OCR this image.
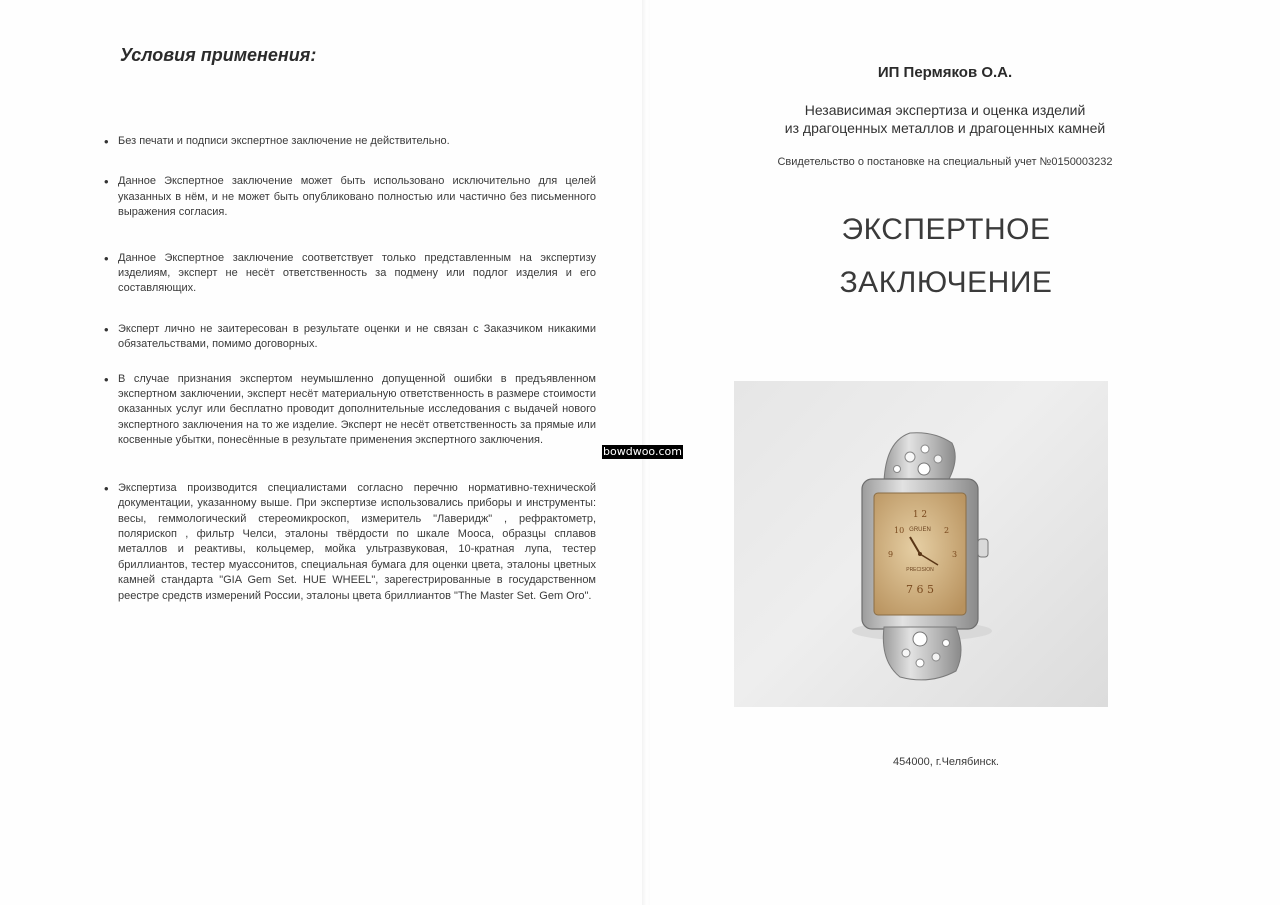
Условия применения:
• Без печати и подписи экспертное заключение не действительно.
• Данное Экспертное заключение может быть использовано исключительно для целей указанных в нём, и не может быть опубликовано полностью или частично без письменного выражения согласия.
• Данное Экспертное заключение соответствует только представленным на экспертизу изделиям, эксперт не несёт ответственность за подмену или подлог изделия и его составляющих.
• Эксперт лично не заитересован в результате оценки и не связан с Заказчиком никакими обязательствами, помимо договорных.
• В случае признания экспертом неумышленно допущенной ошибки в предъявленном экспертном заключении, эксперт несёт материальную ответственность в размере стоимости оказанных услуг или бесплатно проводит дополнительные исследования с выдачей нового экспертного заключения на то же изделие. Эксперт не несёт ответственность за прямые или косвенные убытки, понесённые в результате применения экспертного заключения.
• Экспертиза производится специалистами согласно перечню нормативно-технической документации, указанному выше. При экспертизе использовались приборы и инструменты: весы, геммологический стереомикроскоп, измеритель "Лаверидж" , рефрактометр, полярископ , фильтр Челси, эталоны твёрдости по шкале Мооса, образцы сплавов металлов и реактивы, кольцемер, мойка ультразвуковая, 10-кратная лупа, тестер бриллиантов, тестер муассонитов, специальная бумага для оценки цвета, эталоны цветных камней стандарта "GIA Gem Set. HUE WHEEL", зарегестрированные в государственном реестре средств измерений России, эталоны цвета бриллиантов "The Master Set. Gem Oro".
ИП Пермяков О.А.
Независимая экспертиза и оценка изделий
из драгоценных металлов и драгоценных камней
Свидетельство о постановке на специальный учет №0150003232
ЭКСПЕРТНОЕ
ЗАКЛЮЧЕНИЕ
1 2
10	2
9	3
7 6 5
GRUEN
PRECISION
bowdwoo.com
454000, г.Челябинск.
